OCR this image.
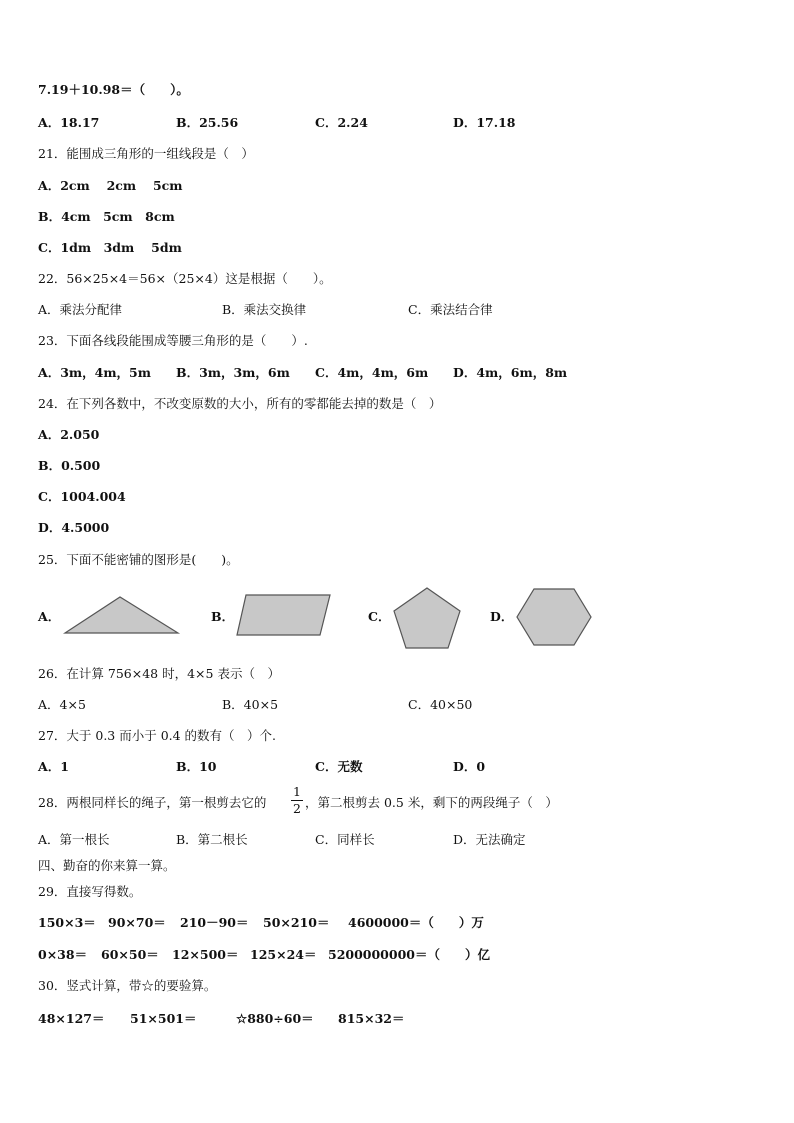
7.19＋10.98＝（　　）。
A．18.17	B．25.56	C．2.24	D．17.18
21．能围成三角形的一组线段是（　）
A．2cm　 2cm　 5cm
B．4cm　5cm　8cm
C．1dm　3dm　 5dm
22．56×25×4＝56×（25×4）这是根据（　　）。
A．乘法分配律	B．乘法交换律	C．乘法结合律
23．下面各线段能围成等腰三角形的是（　　）.
A．3m，4m，5m B．3m，3m，6m C．4m，4m，6m D．4m，6m，8m
24．在下列各数中，不改变原数的大小，所有的零都能去掉的数是（　）
A．2.050
B．0.500
C．1004.004
D．4.5000
25．下面不能密铺的图形是(　　)。
A．	B．	C．	D．
26．在计算 756×48 时，4×5 表示（　）
A．4×5	B．40×5	C．40×50
27．大于 0.3 而小于 0.4 的数有（　）个.
A．1	B．10	C．无数	D．0
28．两根同样长的绳子，第一根剪去它的
1
2 ，第二根剪去 0.5 米，剩下的两段绳子（　）
A．第一根长	B．第二根长	C．同样长	D．无法确定
四、勤奋的你来算一算。
29．直接写得数。
150×3＝ 90×70＝ 210－90＝ 50×210＝ 4600000＝（　　）万
0×38＝ 60×50＝ 12×500＝ 125×24＝ 5200000000＝（　　）亿
30．竖式计算，带☆的要验算。
48×127＝ 51×501＝	☆880÷60＝ 815×32＝
